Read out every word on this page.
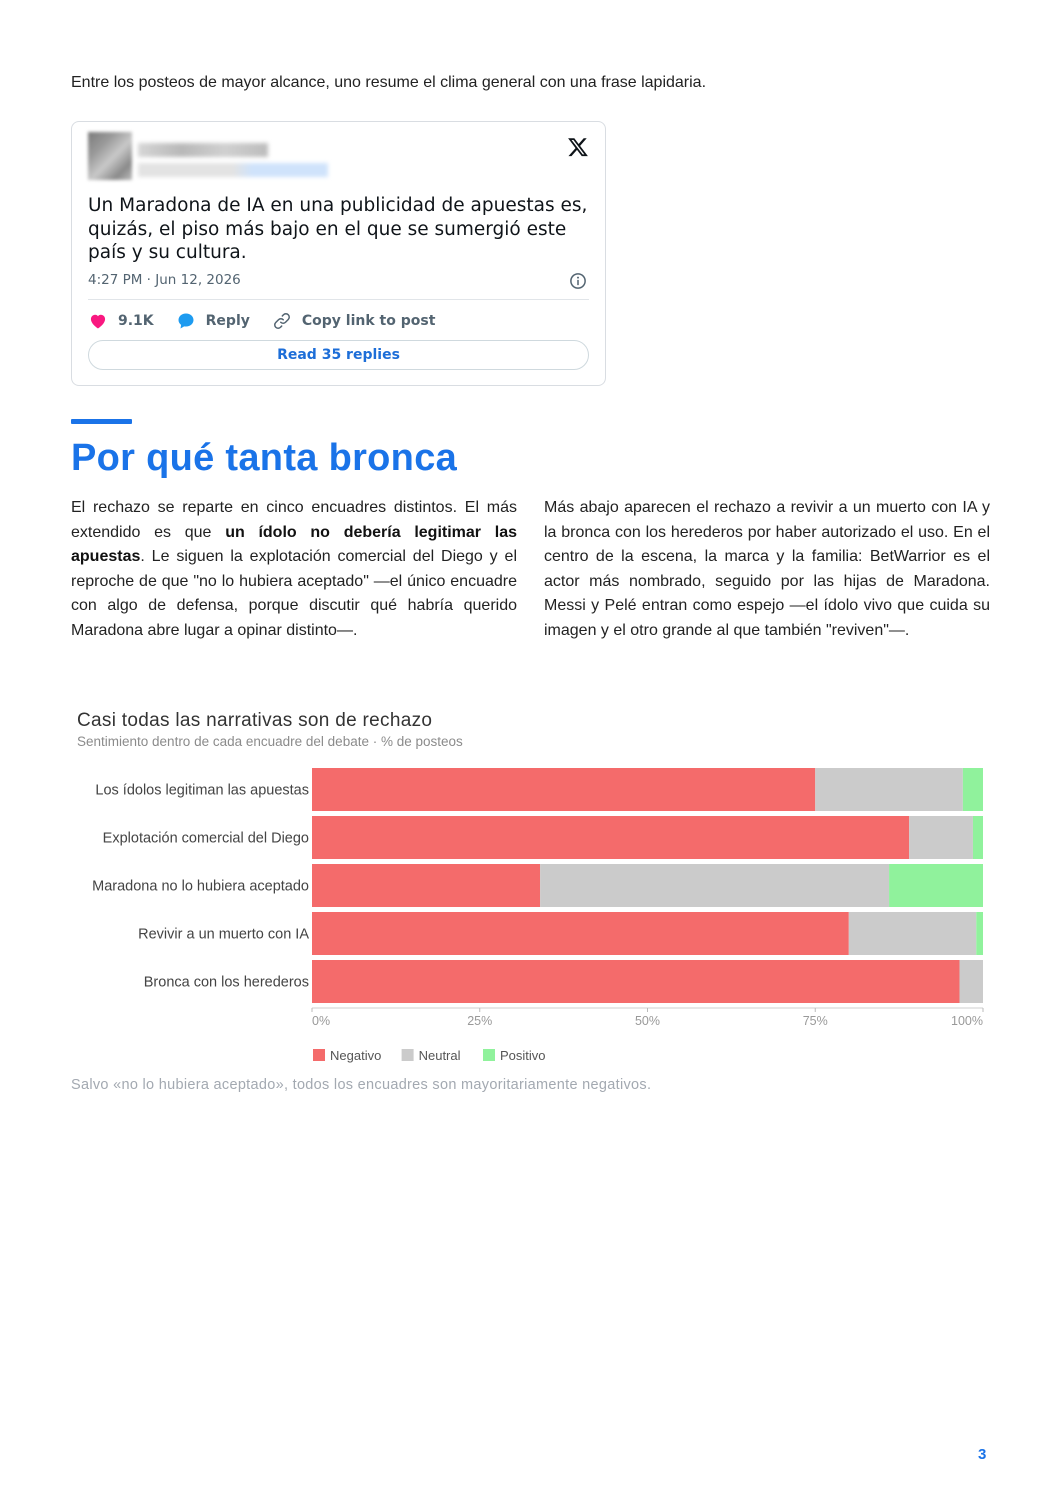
Entre los posteos de mayor alcance, uno resume el clima general con una frase lapidaria.

Un Maradona de IA en una publicidad de apuestas es, quizás, el piso más bajo en el que se sumergió este país y su cultura.

4:27 PM · Jun 12, 2026
9.1K	Reply	Copy link to post
Read 35 replies
Por qué tanta bronca

El rechazo se reparte en cinco encuadres distintos. El más extendido es que un ídolo no debería legitimar las apuestas. Le siguen la explotación comercial del Diego y el reproche de que "no lo hubiera aceptado" —el único encuadre con algo de defensa, porque discutir qué habría querido Maradona abre lugar a opinar distinto—.

Más abajo aparecen el rechazo a revivir a un muerto con IA y la bronca con los herederos por haber autorizado el uso. En el centro de la escena, la marca y la familia: BetWarrior es el actor más nombrado, seguido por las hijas de Maradona. Messi y Pelé entran como espejo —el ídolo vivo que cuida su imagen y el otro grande al que también "reviven"—.

Casi todas las narrativas son de rechazo
Sentimiento dentro de cada encuadre del debate · % de posteos
Los ídolos legitiman las apuestas
Explotación comercial del Diego
Maradona no lo hubiera aceptado
Revivir a un muerto con IA
Bronca con los herederos
0%	25%	50%	75%	100%
Negativo	Neutral	Positivo
Salvo «no lo hubiera aceptado», todos los encuadres son mayoritariamente negativos.
3
